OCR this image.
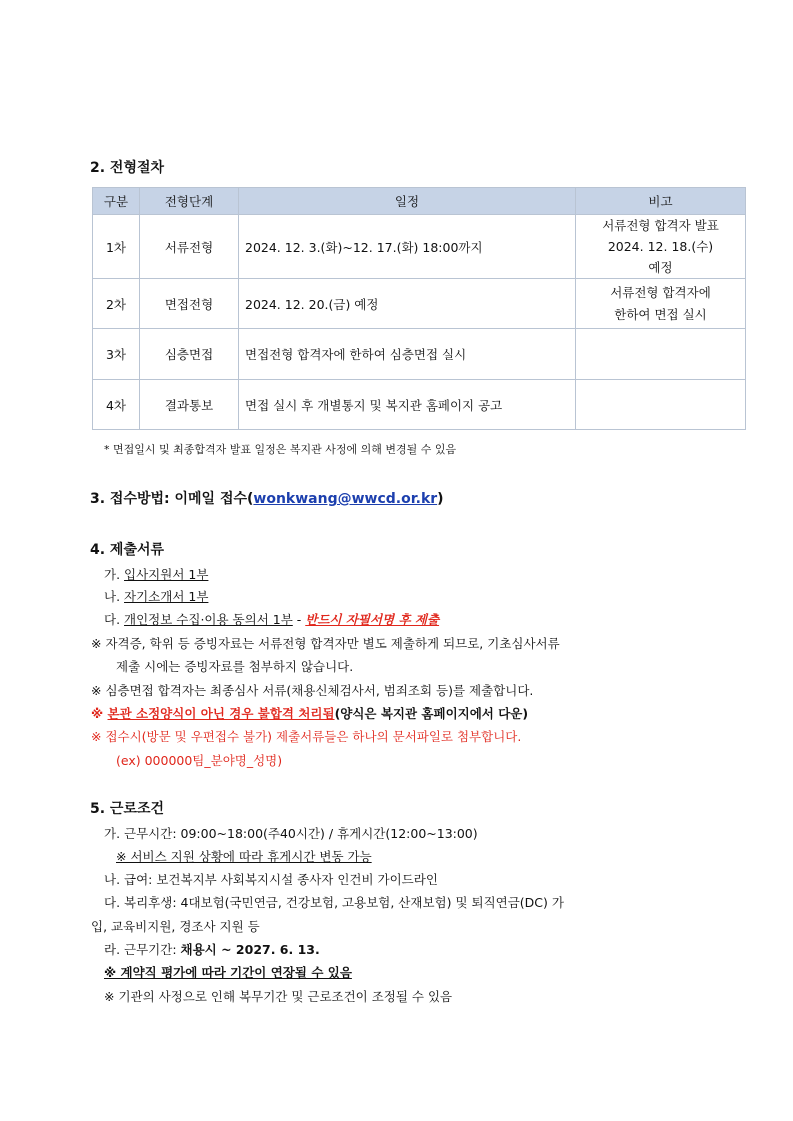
2. 전형절차
구분	전형단계	일정	비고
1차	서류전형	2024. 12. 3.(화)~12. 17.(화) 18:00까지	서류전형 합격자 발표
2024. 12. 18.(수)
예정

2차	면접전형	2024. 12. 20.(금) 예정	서류전형 합격자에
한하여 면접 실시

3차	심층면접	면접전형 합격자에 한하여 심층면접 실시	
4차	결과통보	면접 실시 후 개별통지 및 복지관 홈페이지 공고	
* 면접일시 및 최종합격자 발표 일정은 복지관 사정에 의해 변경될 수 있음
3. 접수방법: 이메일 접수(wonkwang@wwcd.or.kr)
4. 제출서류
가. 입사지원서 1부
나. 자기소개서 1부
다. 개인정보 수집·이용 동의서 1부 - 반드시 자필서명 후 제출
※ 자격증, 학위 등 증빙자료는 서류전형 합격자만 별도 제출하게 되므로, 기초심사서류
제출 시에는 증빙자료를 첨부하지 않습니다.
※ 심층면접 합격자는 최종심사 서류(채용신체검사서, 범죄조회 등)를 제출합니다.
※ 본관 소정양식이 아닌 경우 불합격 처리됨(양식은 복지관 홈페이지에서 다운)
※ 접수시(방문 및 우편접수 불가) 제출서류들은 하나의 문서파일로 첨부합니다.
(ex) 000000팀_분야명_성명)
5. 근로조건
가. 근무시간: 09:00~18:00(주40시간) / 휴게시간(12:00~13:00)
※ 서비스 지원 상황에 따라 휴게시간 변동 가능
나. 급여: 보건복지부 사회복지시설 종사자 인건비 가이드라인
다. 복리후생: 4대보험(국민연금, 건강보험, 고용보험, 산재보험) 및 퇴직연금(DC) 가
입, 교육비지원, 경조사 지원 등
라. 근무기간: 채용시 ~ 2027. 6. 13.
※ 계약직 평가에 따라 기간이 연장될 수 있음
※ 기관의 사정으로 인해 복무기간 및 근로조건이 조정될 수 있음
